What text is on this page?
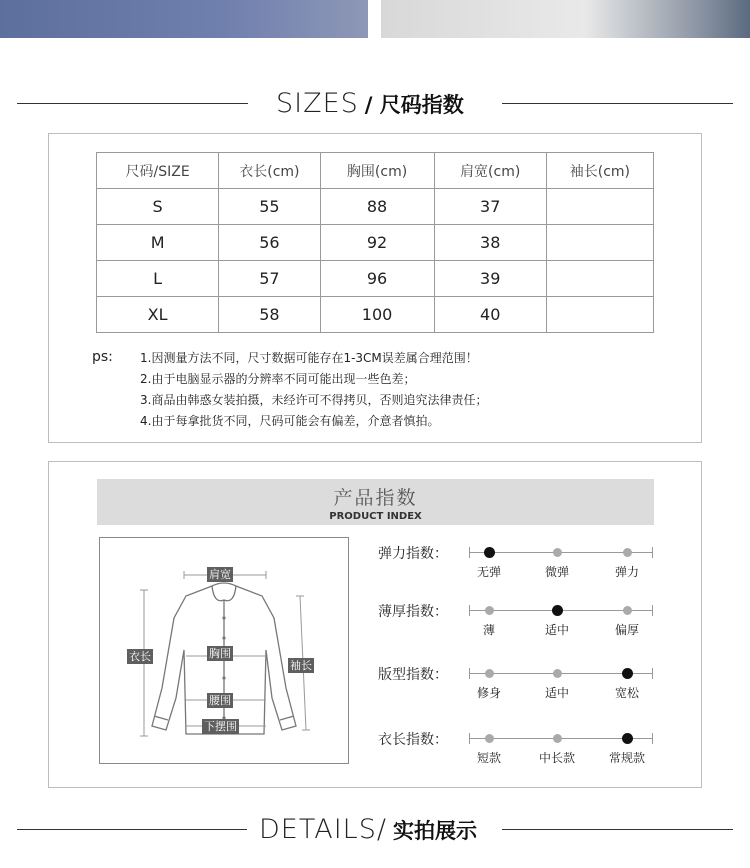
SIZES / 尺码指数
尺码/SIZE	衣长(cm)	胸围(cm)	肩宽(cm)	袖长(cm)
S	55	88	37	
M	56	92	38	
L	57	96	39	
XL	58	100	40	
ps: 1.因测量方法不同，尺寸数据可能存在1-3CM误差属合理范围！
2.由于电脑显示器的分辨率不同可能出现一些色差；
3.商品由韩惑女装拍摄，未经许可不得拷贝，否则追究法律责任；
4.由于每拿批货不同，尺码可能会有偏差，介意者慎拍。
产品指数
PRODUCT INDEX
肩宽
衣长	胸围
袖长
腰围
下摆围
弹力指数：
无弹	微弹	弹力
薄厚指数：
薄	适中	偏厚
版型指数：
修身	适中	宽松
衣长指数：
短款	中长款	常规款
DETAILS/ 实拍展示
